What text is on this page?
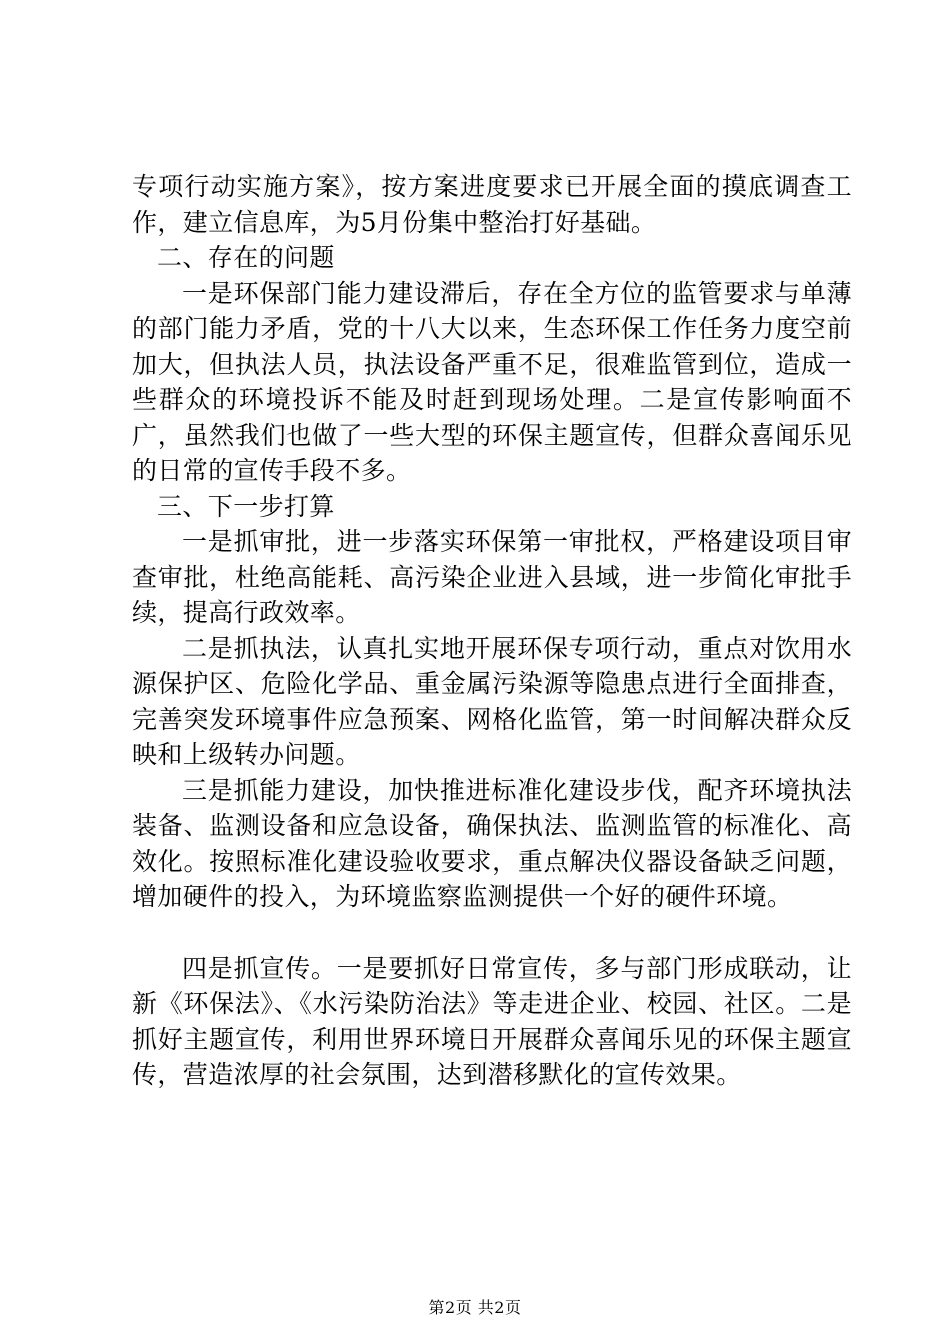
专项行动实施方案》，按方案进度要求已开展全面的摸底调查工作，建立信息库，为5月份集中整治打好基础。

二、存在的问题

一是环保部门能力建设滞后，存在全方位的监管要求与单薄的部门能力矛盾，党的十八大以来，生态环保工作任务力度空前加大，但执法人员，执法设备严重不足，很难监管到位，造成一些群众的环境投诉不能及时赶到现场处理。二是宣传影响面不广，虽然我们也做了一些大型的环保主题宣传，但群众喜闻乐见的日常的宣传手段不多。

三、下一步打算

一是抓审批，进一步落实环保第一审批权，严格建设项目审查审批，杜绝高能耗、高污染企业进入县域，进一步简化审批手续，提高行政效率。

二是抓执法，认真扎实地开展环保专项行动，重点对饮用水源保护区、危险化学品、重金属污染源等隐患点进行全面排查，完善突发环境事件应急预案、网格化监管，第一时间解决群众反映和上级转办问题。

三是抓能力建设，加快推进标准化建设步伐，配齐环境执法装备、监测设备和应急设备，确保执法、监测监管的标准化、高效化。按照标准化建设验收要求，重点解决仪器设备缺乏问题，增加硬件的投入，为环境监察监测提供一个好的硬件环境。

四是抓宣传。一是要抓好日常宣传，多与部门形成联动，让新《环保法》、《水污染防治法》等走进企业、校园、社区。二是抓好主题宣传，利用世界环境日开展群众喜闻乐见的环保主题宣传，营造浓厚的社会氛围，达到潜移默化的宣传效果。

第2页 共2页
